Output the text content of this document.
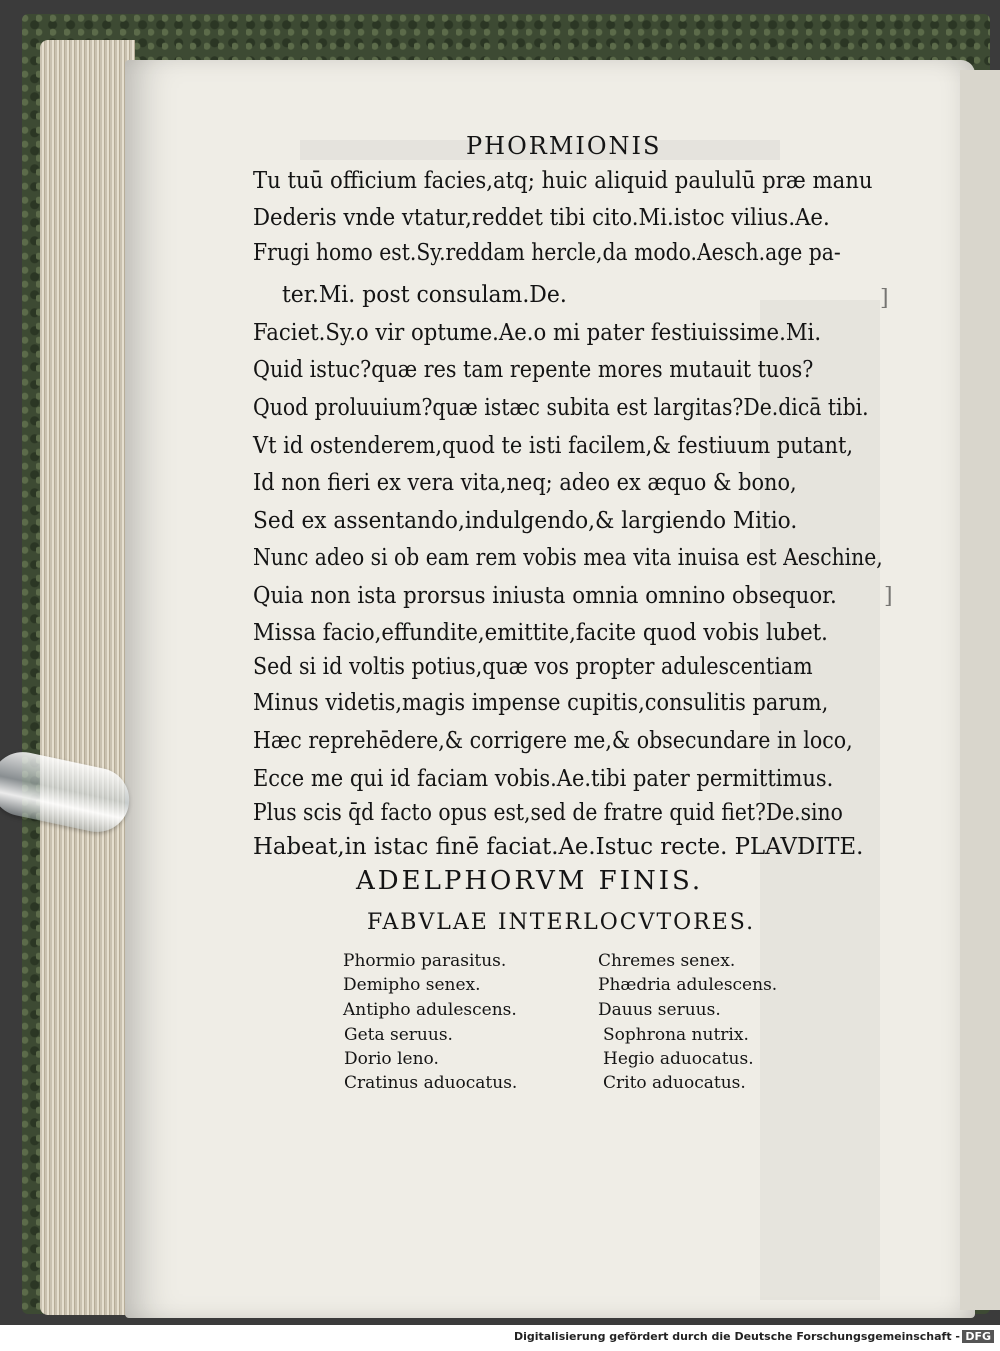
PHORMIONIS
Tu tuū officium facies,atq; huic aliquid paululū præ manu
Dederis vnde vtatur,reddet tibi cito.Mi.istoc vilius.Ae.
Frugi homo est.Sy.reddam hercle,da modo.Aesch.age pa-
ter.Mi. post consulam.De.
Faciet.Sy.o vir optume.Ae.o mi pater festiuissime.Mi.
Quid istuc?quæ res tam repente mores mutauit tuos?
Quod proluuium?quæ istæc subita est largitas?De.dicā tibi.
Vt id ostenderem,quod te isti facilem,& festiuum putant,
Id non fieri ex vera vita,neq; adeo ex æquo & bono,
Sed ex assentando,indulgendo,& largiendo Mitio.
Nunc adeo si ob eam rem vobis mea vita inuisa est Aeschine,
Quia non ista prorsus iniusta omnia omnino obsequor.
Missa facio,effundite,emittite,facite quod vobis lubet.
Sed si id voltis potius,quæ vos propter adulescentiam
Minus videtis,magis impense cupitis,consulitis parum,
Hæc reprehēdere,& corrigere me,& obsecundare in loco,
Ecce me qui id faciam vobis.Ae.tibi pater permittimus.
Plus scis q̄d facto opus est,sed de fratre quid fiet?De.sino
Habeat,in istac finē faciat.Ae.Istuc recte. PLAVDITE.
]
]
ADELPHORVM FINIS.
FABVLAE INTERLOCVTORES.
Phormio parasitus.
Demipho senex.
Antipho adulescens.
Geta seruus.
Dorio leno.
Cratinus aduocatus.
Chremes senex.
Phædria adulescens.
Dauus seruus.
Sophrona nutrix.
Hegio aduocatus.
Crito aduocatus.
Digitalisierung gefördert durch die Deutsche Forschungsgemeinschaft - DFG
